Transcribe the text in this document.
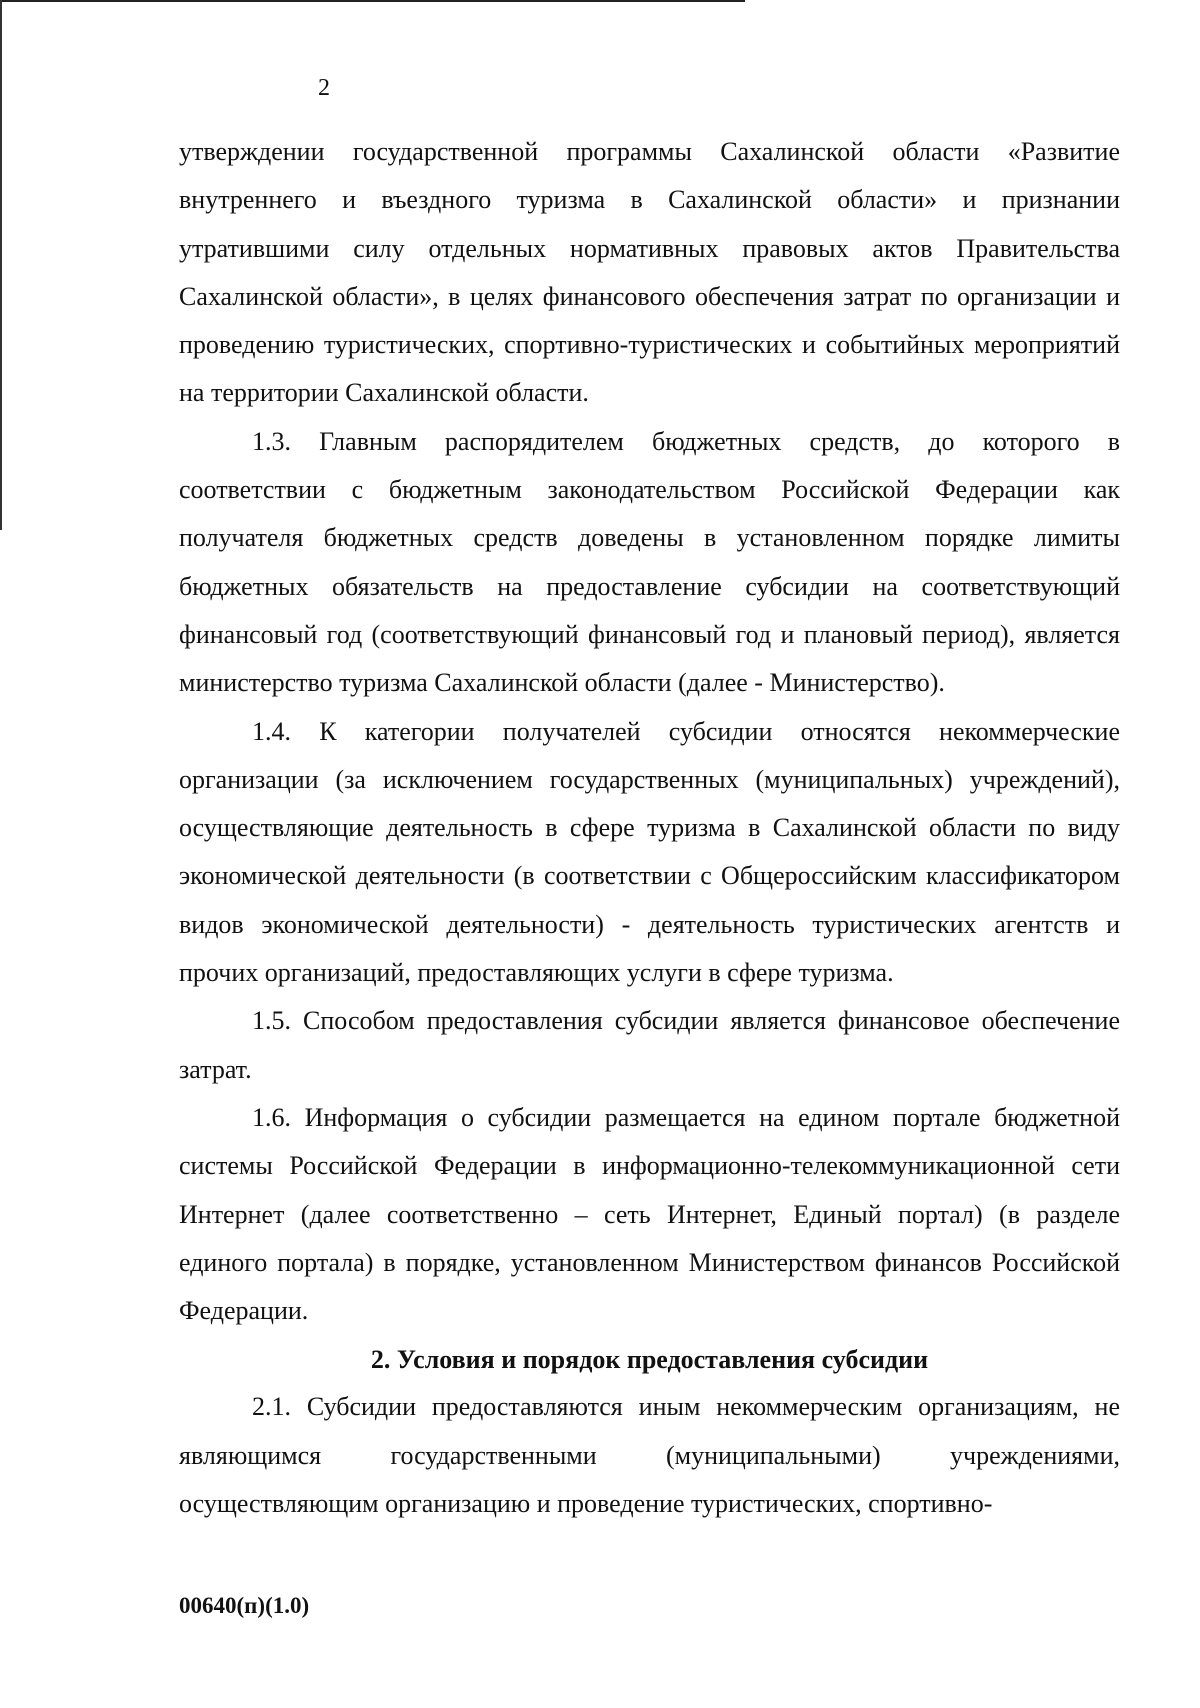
2

утверждении государственной программы Сахалинской области «Развитие внутреннего и въездного туризма в Сахалинской области» и признании утратившими силу отдельных нормативных правовых актов Правительства Сахалинской области», в целях финансового обеспечения затрат по организации и проведению туристических, спортивно-туристических и событийных мероприятий на территории Сахалинской области.

1.3. Главным распорядителем бюджетных средств, до которого в соответствии с бюджетным законодательством Российской Федерации как получателя бюджетных средств доведены в установленном порядке лимиты бюджетных обязательств на предоставление субсидии на соответствующий финансовый год (соответствующий финансовый год и плановый период), является министерство туризма Сахалинской области (далее - Министерство).

1.4. К категории получателей субсидии относятся некоммерческие организации (за исключением государственных (муниципальных) учреждений), осуществляющие деятельность в сфере туризма в Сахалинской области по виду экономической деятельности (в соответствии с Общероссийским классификатором видов экономической деятельности) - деятельность туристических агентств и прочих организаций, предоставляющих услуги в сфере туризма.

1.5. Способом предоставления субсидии является финансовое обеспечение затрат.

1.6. Информация о субсидии размещается на едином портале бюджетной системы Российской Федерации в информационно-телекоммуникационной сети Интернет (далее соответственно – сеть Интернет, Единый портал) (в разделе единого портала) в порядке, установленном Министерством финансов Российской Федерации.

2. Условия и порядок предоставления субсидии

2.1. Субсидии предоставляются иным некоммерческим организациям, не являющимся государственными (муниципальными) учреждениями, осуществляющим организацию и проведение туристических, спортивно-

00640(п)(1.0)
